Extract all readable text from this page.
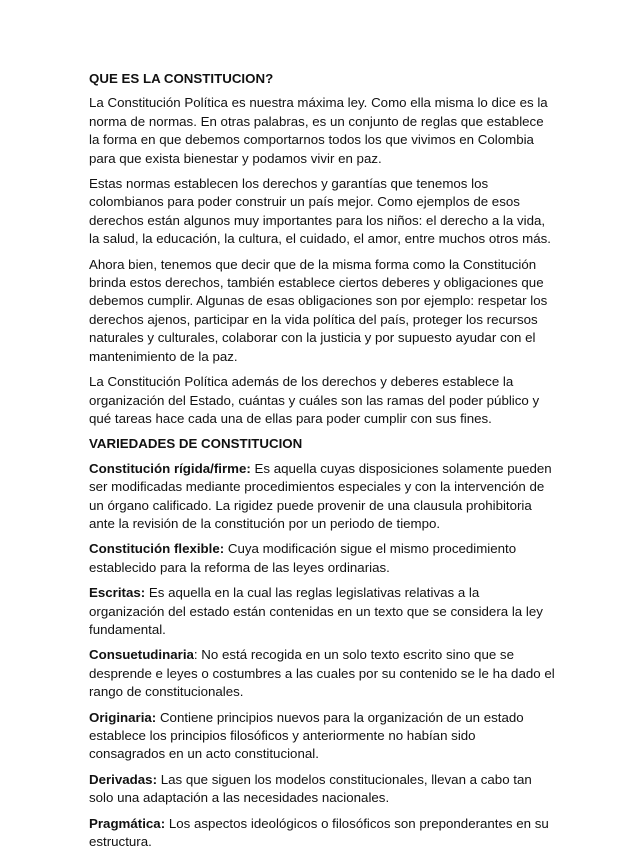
QUE ES LA CONSTITUCION?

La Constitución Política es nuestra máxima ley. Como ella misma lo dice es la norma de normas. En otras palabras, es un conjunto de reglas que establece la forma en que debemos comportarnos todos los que vivimos en Colombia para que exista bienestar y podamos vivir en paz.

Estas normas establecen los derechos y garantías que tenemos los colombianos para poder construir un país mejor. Como ejemplos de esos derechos están algunos muy importantes para los niños: el derecho a la vida, la salud, la educación, la cultura, el cuidado, el amor, entre muchos otros más.

Ahora bien, tenemos que decir que de la misma forma como la Constitución brinda estos derechos, también establece ciertos deberes y obligaciones que debemos cumplir. Algunas de esas obligaciones son por ejemplo: respetar los derechos ajenos, participar en la vida política del país, proteger los recursos naturales y culturales, colaborar con la justicia y por supuesto ayudar con el mantenimiento de la paz.

La Constitución Política además de los derechos y deberes establece la organización del Estado, cuántas y cuáles son las ramas del poder público y qué tareas hace cada una de ellas para poder cumplir con sus fines.

VARIEDADES DE CONSTITUCION

Constitución rígida/firme: Es aquella cuyas disposiciones solamente pueden ser modificadas mediante procedimientos especiales y con la intervención de un órgano calificado. La rigidez puede provenir de una clausula prohibitoria ante la revisión de la constitución por un periodo de tiempo.

Constitución flexible: Cuya modificación sigue el mismo procedimiento establecido para la reforma de las leyes ordinarias.

Escritas: Es aquella en la cual las reglas legislativas relativas a la organización del estado están contenidas en un texto que se considera la ley fundamental.

Consuetudinaria: No está recogida en un solo texto escrito sino que se desprende e leyes o costumbres a las cuales por su contenido se le ha dado el rango de constitucionales.

Originaria: Contiene principios nuevos para la organización de un estado establece los principios filosóficos y anteriormente no habían sido consagrados en un acto constitucional.

Derivadas: Las que siguen los modelos constitucionales, llevan a cabo tan solo una adaptación a las necesidades nacionales.

Pragmática: Los aspectos ideológicos o filosóficos son preponderantes en su estructura.
